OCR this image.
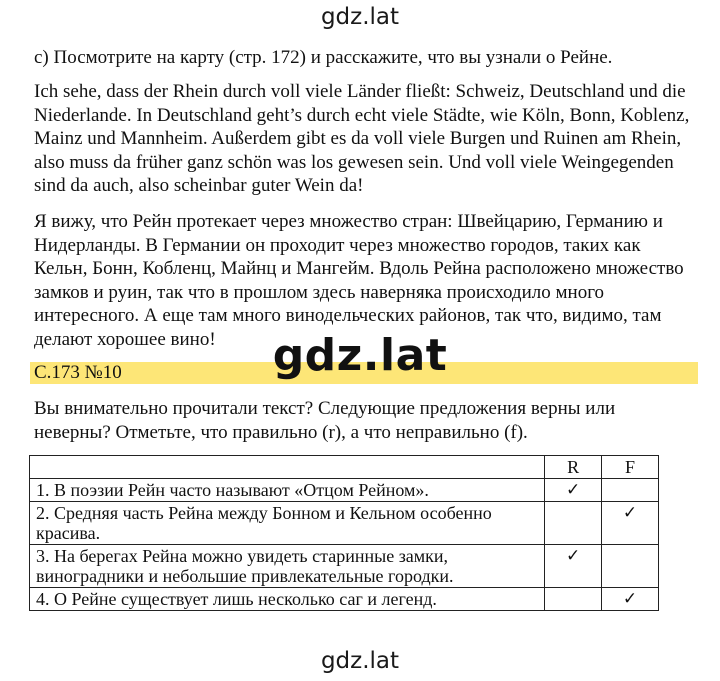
gdz.lat

c) Посмотрите на карту (стр. 172) и расскажите, что вы узнали о Рейне.

Ich sehe, dass der Rhein durch voll viele Länder fließt: Schweiz, Deutschland und die Niederlande. In Deutschland geht’s durch echt viele Städte, wie Köln, Bonn, Koblenz, Mainz und Mannheim. Außerdem gibt es da voll viele Burgen und Ruinen am Rhein, also muss da früher ganz schön was los gewesen sein. Und voll viele Weingegenden sind da auch, also scheinbar guter Wein da!

Я вижу, что Рейн протекает через множество стран: Швейцарию, Германию и Нидерланды. В Германии он проходит через множество городов, таких как Кельн, Бонн, Кобленц, Майнц и Мангейм. Вдоль Рейна расположено множество замков и руин, так что в прошлом здесь наверняка происходило много интересного. А еще там много винодельческих районов, так что, видимо, там делают хорошее вино!

С.173 №10	gdz.lat

Вы внимательно прочитали текст? Следующие предложения верны или неверны? Отметьте, что правильно (r), а что неправильно (f).

	R	F
1. В поэзии Рейн часто называют «Отцом Рейном».	✓	
2. Средняя часть Рейна между Бонном и Кельном особенно красива.		✓
3. На берегах Рейна можно увидеть старинные замки, виноградники и небольшие привлекательные городки.	✓	
4. О Рейне существует лишь несколько саг и легенд.		✓
gdz.lat
